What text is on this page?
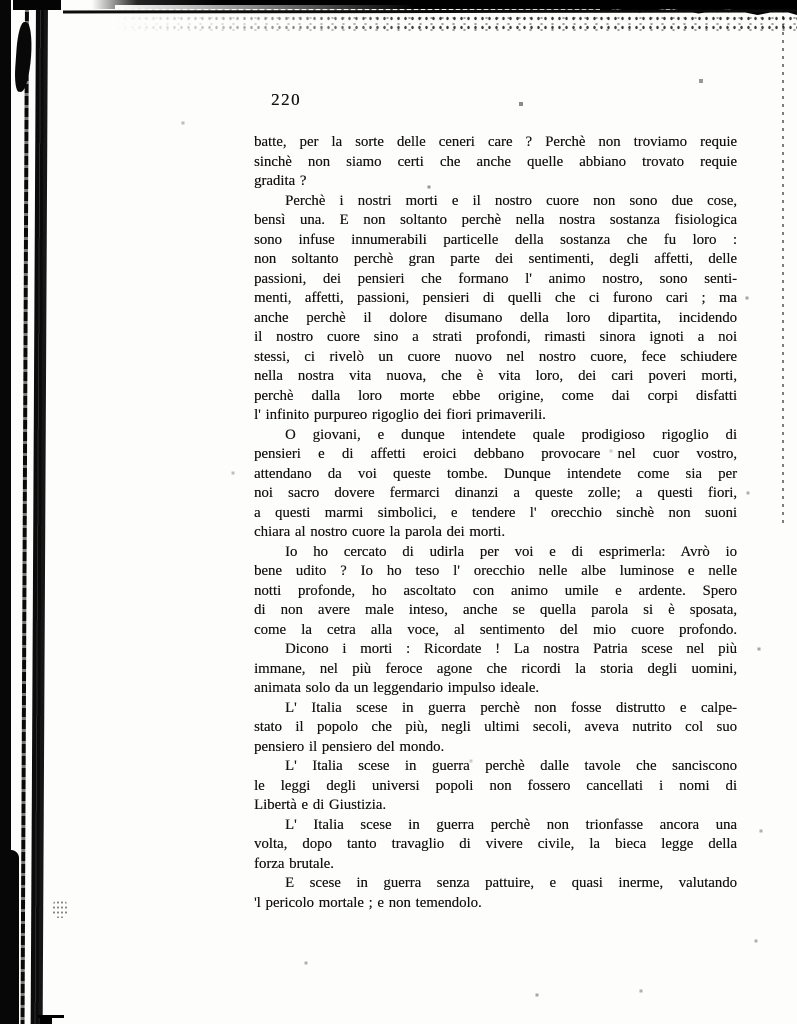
220
batte, per la sorte delle ceneri care ? Perchè non troviamo requie
sinchè non siamo certi che anche quelle abbiano trovato requie
gradita ?
Perchè i nostri morti e il nostro cuore non sono due cose,
bensì una. E non soltanto perchè nella nostra sostanza fisiologica
sono infuse innumerabili particelle della sostanza che fu loro :
non soltanto perchè gran parte dei sentimenti, degli affetti, delle
passioni, dei pensieri che formano l' animo nostro, sono senti-
menti, affetti, passioni, pensieri di quelli che ci furono cari ; ma
anche perchè il dolore disumano della loro dipartita, incidendo
il nostro cuore sino a strati profondi, rimasti sinora ignoti a noi
stessi, ci rivelò un cuore nuovo nel nostro cuore, fece schiudere
nella nostra vita nuova, che è vita loro, dei cari poveri morti,
perchè dalla loro morte ebbe origine, come dai corpi disfatti
l' infinito purpureo rigoglio dei fiori primaverili.
O giovani, e dunque intendete quale prodigioso rigoglio di
pensieri e di affetti eroici debbano provocare nel cuor vostro,
attendano da voi queste tombe. Dunque intendete come sia per
noi sacro dovere fermarci dinanzi a queste zolle; a questi fiori,
a questi marmi simbolici, e tendere l' orecchio sinchè non suoni
chiara al nostro cuore la parola dei morti.
Io ho cercato di udirla per voi e di esprimerla: Avrò io
bene udito ? Io ho teso l' orecchio nelle albe luminose e nelle
notti profonde, ho ascoltato con animo umile e ardente. Spero
di non avere male inteso, anche se quella parola si è sposata,
come la cetra alla voce, al sentimento del mio cuore profondo.
Dicono i morti : Ricordate ! La nostra Patria scese nel più
immane, nel più feroce agone che ricordi la storia degli uomini,
animata solo da un leggendario impulso ideale.
L' Italia scese in guerra perchè non fosse distrutto e calpe-
stato il popolo che più, negli ultimi secoli, aveva nutrito col suo
pensiero il pensiero del mondo.
L' Italia scese in guerra perchè dalle tavole che sanciscono
le leggi degli universi popoli non fossero cancellati i nomi di
Libertà e di Giustizia.
L' Italia scese in guerra perchè non trionfasse ancora una
volta, dopo tanto travaglio di vivere civile, la bieca legge della
forza brutale.
E scese in guerra senza pattuire, e quasi inerme, valutando
'l pericolo mortale ; e non temendolo.
